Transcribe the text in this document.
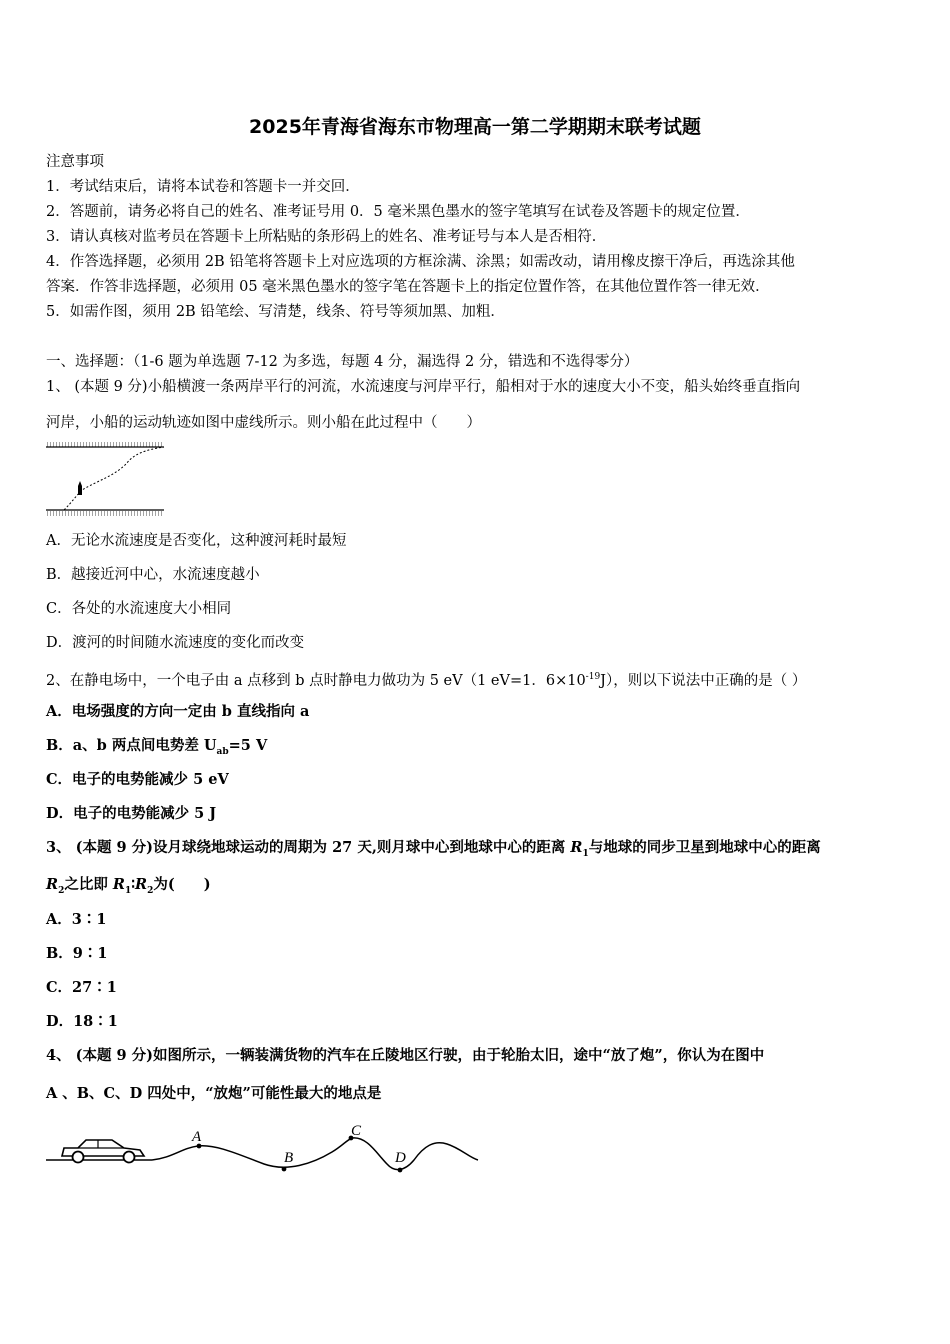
2025年青海省海东市物理高一第二学期期末联考试题
注意事项
1．考试结束后，请将本试卷和答题卡一并交回．
2．答题前，请务必将自己的姓名、准考证号用 0．5 毫米黑色墨水的签字笔填写在试卷及答题卡的规定位置．
3．请认真核对监考员在答题卡上所粘贴的条形码上的姓名、准考证号与本人是否相符．
4．作答选择题，必须用 2B 铅笔将答题卡上对应选项的方框涂满、涂黑；如需改动，请用橡皮擦干净后，再选涂其他
答案．作答非选择题，必须用 05 毫米黑色墨水的签字笔在答题卡上的指定位置作答，在其他位置作答一律无效．
5．如需作图，须用 2B 铅笔绘、写清楚，线条、符号等须加黑、加粗．
一、选择题：（1-6 题为单选题 7-12 为多选，每题 4 分，漏选得 2 分，错选和不选得零分）
1、 (本题 9 分)小船横渡一条两岸平行的河流，水流速度与河岸平行，船相对于水的速度大小不变，船头始终垂直指向
河岸，小船的运动轨迹如图中虚线所示。则小船在此过程中（　　）
A．无论水流速度是否变化，这种渡河耗时最短
B．越接近河中心，水流速度越小
C．各处的水流速度大小相同
D．渡河的时间随水流速度的变化而改变
2、在静电场中，一个电子由 a 点移到 b 点时静电力做功为 5 eV（1 eV=1．$6\times 10^{-19}J$），则以下说法中正确的是（ ）
A．电场强度的方向一定由 b 直线指向 a
B．a、b 两点间电势差 $U_{ab}=5$ V
C．电子的电势能减少 5 eV
D．电子的电势能减少 5 J
3、 (本题 9 分)设月球绕地球运动的周期为 27 天,则月球中心到地球中心的距离 $R_1$与地球的同步卫星到地球中心的距离
$R_2$之比即 $R_1∶R_2$为(　　)
A．3∶1
B．9∶1
C．27∶1
D．18∶1
4、 (本题 9 分)如图所示，一辆装满货物的汽车在丘陵地区行驶，由于轮胎太旧，途中“放了炮”，你认为在图中
A 、B、C、D 四处中，“放炮”可能性最大的地点是
A
B
C
D
